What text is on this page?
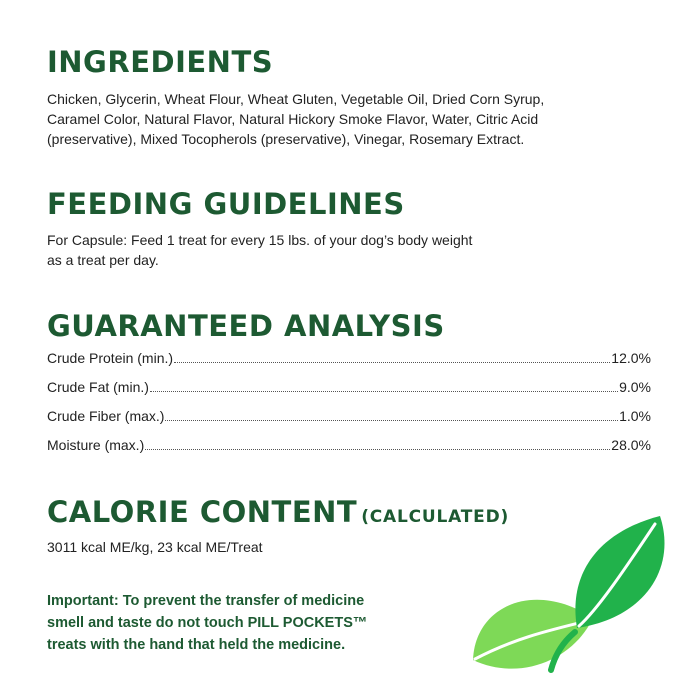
INGREDIENTS

Chicken, Glycerin, Wheat Flour, Wheat Gluten, Vegetable Oil, Dried Corn Syrup,
Caramel Color, Natural Flavor, Natural Hickory Smoke Flavor, Water, Citric Acid
(preservative), Mixed Tocopherols (preservative), Vinegar, Rosemary Extract.

FEEDING GUIDELINES

For Capsule: Feed 1 treat for every 15 lbs. of your dog’s body weight
as a treat per day.

GUARANTEED ANALYSIS
Crude Protein (min.)	12.0%
Crude Fat (min.)	9.0%
Crude Fiber (max.)	1.0%
Moisture (max.)	28.0%
CALORIE CONTENT (CALCULATED)

3011 kcal ME/kg, 23 kcal ME/Treat

Important: To prevent the transfer of medicine
smell and taste do not touch PILL POCKETS™
treats with the hand that held the medicine.
